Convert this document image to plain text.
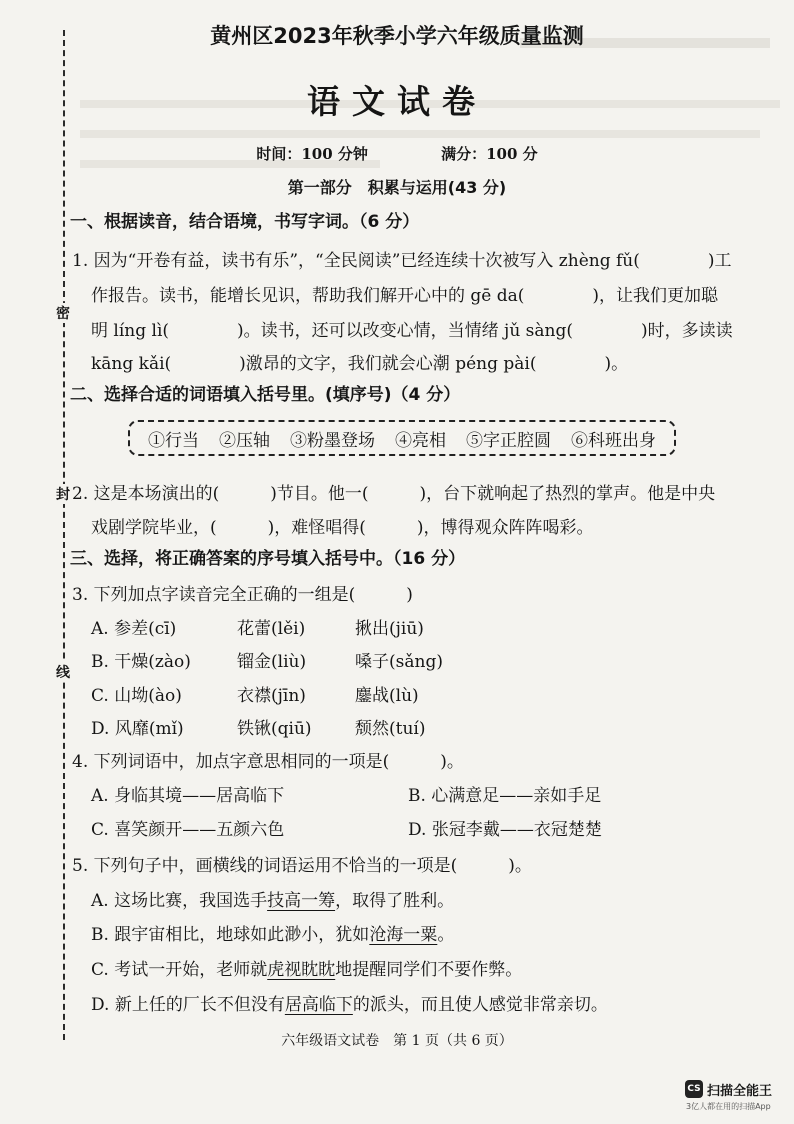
密
封
线
黄州区2023年秋季小学六年级质量监测
语文试卷
时间：100 分钟	满分：100 分
第一部分　积累与运用(43 分)
一、根据读音，结合语境，书写字词。（6 分）
1. 因为“开卷有益，读书有乐”，“全民阅读”已经连续十次被写入 zhèng fǔ(　　　　)工
作报告。读书，能增长见识，帮助我们解开心中的 gē dа(　　　　)，让我们更加聪
明 líng lì(　　　　)。读书，还可以改变心情，当情绪 jǔ sàng(　　　　)时，多读读
kāng kǎi(　　　　)激昂的文字，我们就会心潮 péng pài(　　　　)。
二、选择合适的词语填入括号里。(填序号)（4 分）
①行当 ②压轴 ③粉墨登场 ④亮相 ⑤字正腔圆 ⑥科班出身
2. 这是本场演出的(　　　)节目。他一(　　　)，台下就响起了热烈的掌声。他是中央
戏剧学院毕业，(　　　)，难怪唱得(　　　)，博得观众阵阵喝彩。
三、选择，将正确答案的序号填入括号中。（16 分）
3. 下列加点字读音完全正确的一组是(　　　)
A. 参差(cī)	花蕾(lěi)	揪出(jiū)
B. 干燥(zào)	镏金(liù)	嗓子(sǎng)
C. 山坳(ào)	衣襟(jīn)	鏖战(lù)
D. 风靡(mǐ)	铁锹(qiū)	颓然(tuí)
4. 下列词语中，加点字意思相同的一项是(　　　)。
A. 身临其境——居高临下	B. 心满意足——亲如手足
C. 喜笑颜开——五颜六色	D. 张冠李戴——衣冠楚楚
5. 下列句子中，画横线的词语运用不恰当的一项是(　　　)。
A. 这场比赛，我国选手技高一筹，取得了胜利。
B. 跟宇宙相比，地球如此渺小，犹如沧海一粟。
C. 考试一开始，老师就虎视眈眈地提醒同学们不要作弊。
D. 新上任的厂长不但没有居高临下的派头，而且使人感觉非常亲切。
六年级语文试卷　第 1 页（共 6 页）
CS 扫描全能王
3亿人都在用的扫描App
